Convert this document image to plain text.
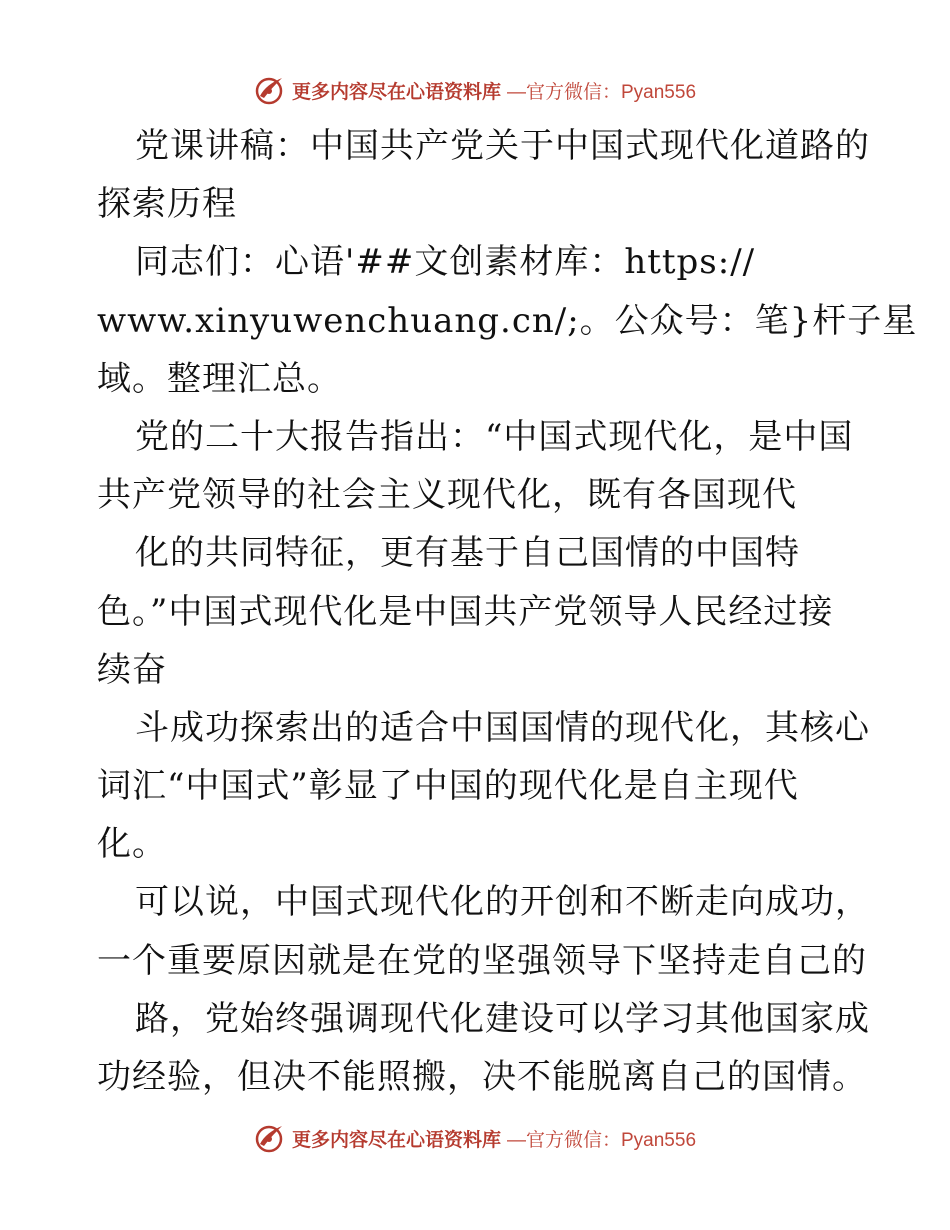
更多内容尽在心语资料库 —官方微信：Pyan556
党课讲稿：中国共产党关于中国式现代化道路的
探索历程
同志们：心语'##文创素材库：https://
www.xinyuwenchuang.cn/;。公众号：笔}杆子星
域。整理汇总。
党的二十大报告指出：“中国式现代化，是中国
共产党领导的社会主义现代化，既有各国现代
化的共同特征，更有基于自己国情的中国特
色。”中国式现代化是中国共产党领导人民经过接
续奋
斗成功探索出的适合中国国情的现代化，其核心
词汇“中国式”彰显了中国的现代化是自主现代
化。
可以说，中国式现代化的开创和不断走向成功，
一个重要原因就是在党的坚强领导下坚持走自己的
路，党始终强调现代化建设可以学习其他国家成
功经验，但决不能照搬，决不能脱离自己的国情。
更多内容尽在心语资料库 —官方微信：Pyan556
